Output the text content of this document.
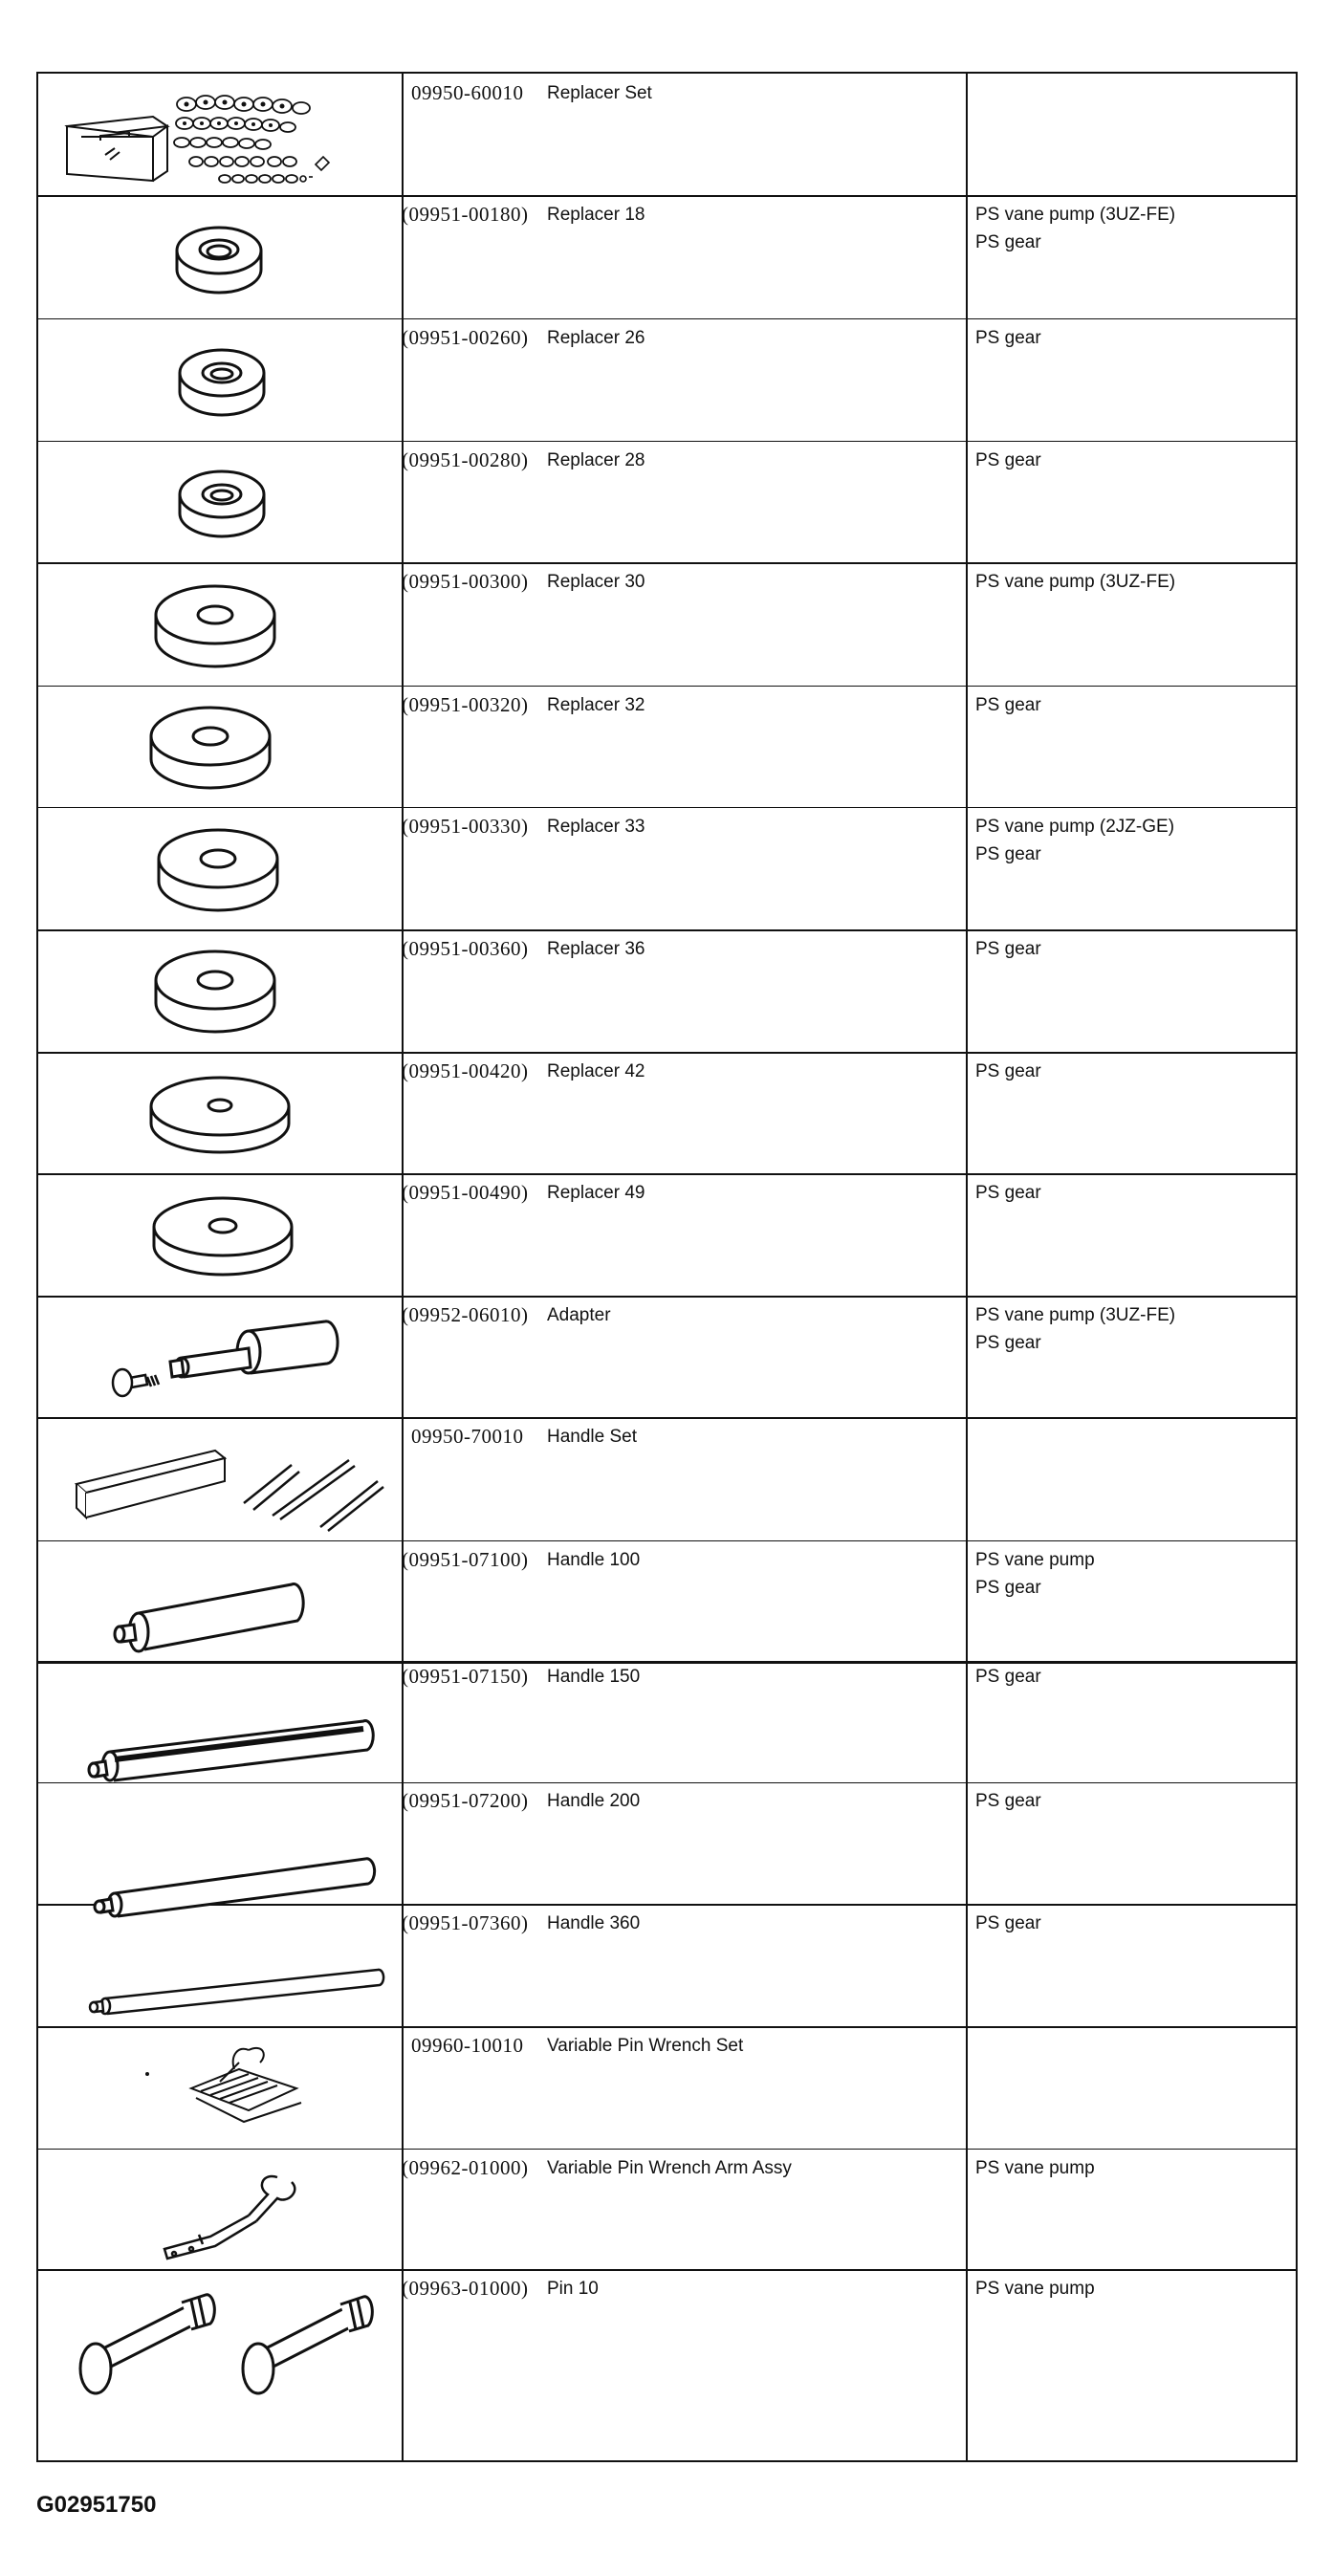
09950-60010 Replacer Set
(09951-00180) Replacer 18	PS vane pump (3UZ-FE)
PS gear
(09951-00260) Replacer 26	PS gear
(09951-00280) Replacer 28	PS gear
(09951-00300) Replacer 30	PS vane pump (3UZ-FE)
(09951-00320) Replacer 32	PS gear
(09951-00330) Replacer 33	PS vane pump (2JZ-GE)
PS gear
(09951-00360) Replacer 36	PS gear
(09951-00420) Replacer 42	PS gear
(09951-00490) Replacer 49	PS gear
(09952-06010) Adapter	PS vane pump (3UZ-FE)
PS gear
09950-70010 Handle Set
(09951-07100) Handle 100	PS vane pump
PS gear
(09951-07150) Handle 150	PS gear
(09951-07200) Handle 200	PS gear
(09951-07360) Handle 360	PS gear
09960-10010 Variable Pin Wrench Set
(09962-01000) Variable Pin Wrench Arm Assy	PS vane pump
(09963-01000) Pin 10	PS vane pump
G02951750
